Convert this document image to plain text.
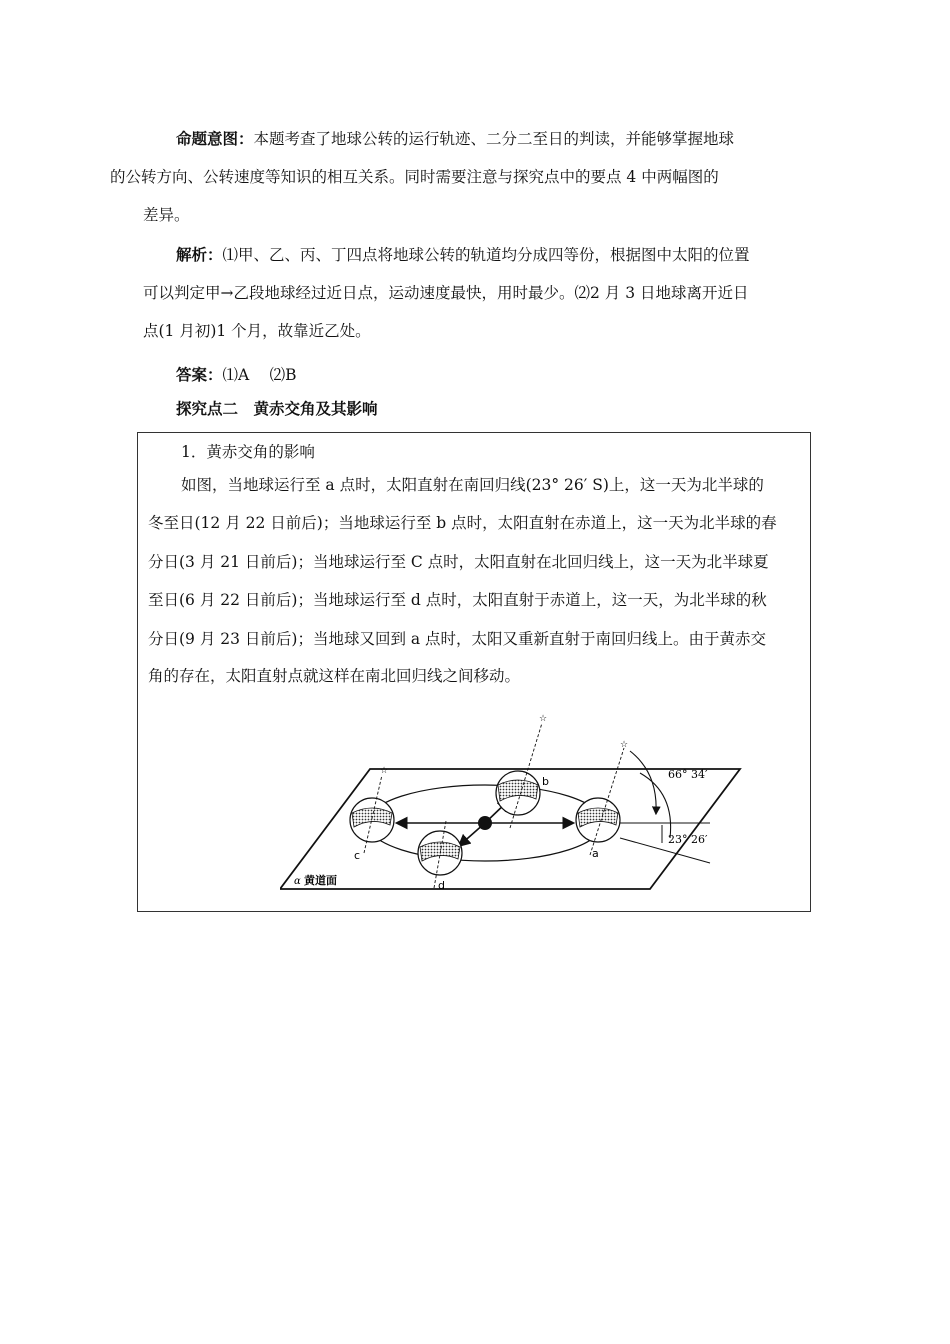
命题意图：本题考查了地球公转的运行轨迹、二分二至日的判读，并能够掌握地球
的公转方向、公转速度等知识的相互关系。同时需要注意与探究点中的要点 4 中两幅图的
差异。
解析：⑴甲、乙、丙、丁四点将地球公转的轨道均分成四等份，根据图中太阳的位置
可以判定甲→乙段地球经过近日点，运动速度最快，用时最少。⑵2 月 3 日地球离开近日
点(1 月初)1 个月，故靠近乙处。
答案：⑴A　 ⑵B
探究点二　黄赤交角及其影响
1．黄赤交角的影响
如图，当地球运行至 a 点时，太阳直射在南回归线(23° 26′ S)上，这一天为北半球的
冬至日(12 月 22 日前后)；当地球运行至 b 点时，太阳直射在赤道上，这一天为北半球的春
分日(3 月 21 日前后)；当地球运行至 C 点时，太阳直射在北回归线上，这一天为北半球夏
至日(6 月 22 日前后)；当地球运行至 d 点时，太阳直射于赤道上，这一天，为北半球的秋
分日(9 月 23 日前后)；当地球又回到 a 点时，太阳又重新直射于南回归线上。由于黄赤交
角的存在，太阳直射点就这样在南北回归线之间移动。
☆
☆
☆
66° 34′
23° 26′
a
b
c
d
α 黄道面
